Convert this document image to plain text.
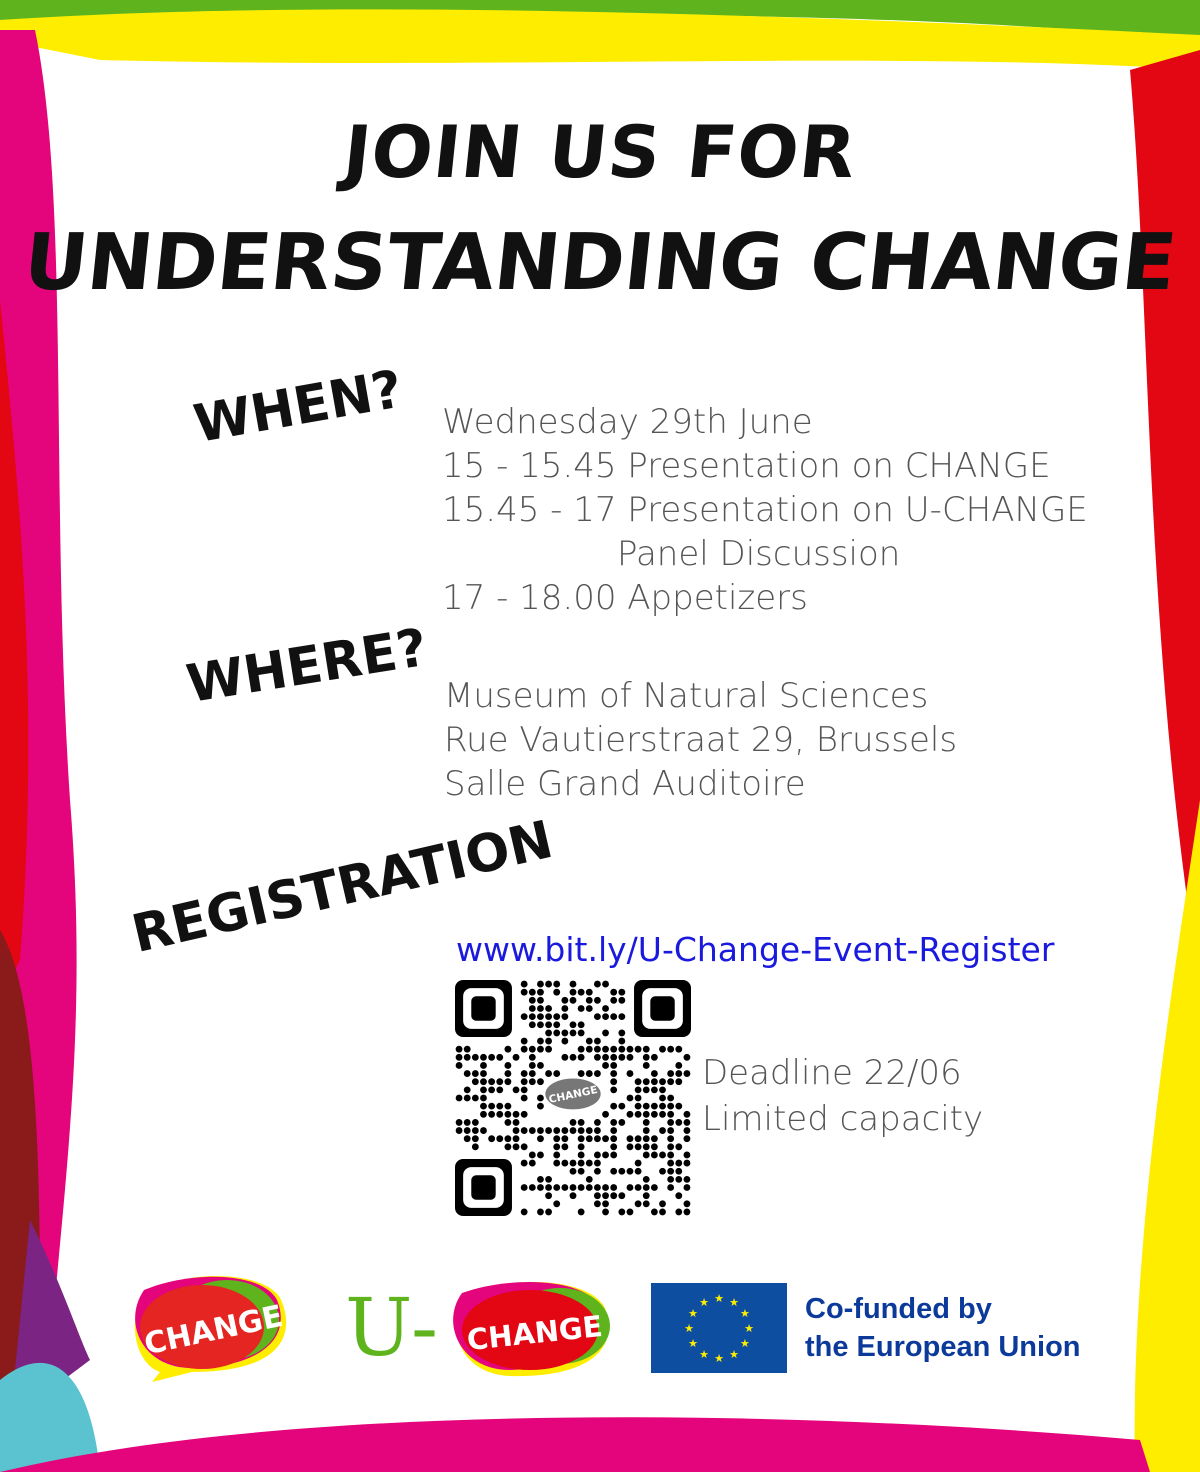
JOIN US FOR
UNDERSTANDING CHANGE
WHEN? Wednesday 29th June
15 - 15.45 Presentation on CHANGE
15.45 - 17 Presentation on U-CHANGE
Panel Discussion
17 - 18.00 Appetizers
WHERE? Museum of Natural Sciences
Rue Vautierstraat 29, Brussels
Salle Grand Auditoire
REGISTRATION
www.bit.ly/U-Change-Event-Register
CHANGE
Deadline 22/06
Limited capacity
CHANGE U- CHANGE
★ ★
★
★
★
★
★
★
★
★
★
★	Co-funded by
the European Union
